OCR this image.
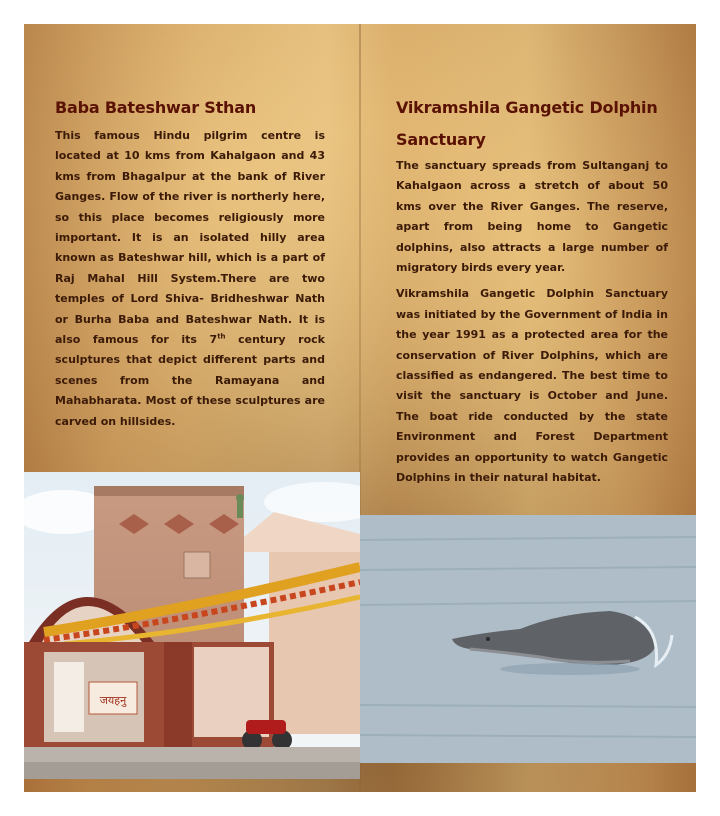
Baba Bateshwar Sthan

This famous Hindu pilgrim centre is located at 10 kms from Kahalgaon and 43 kms from Bhagalpur at the bank of River Ganges. Flow of the river is northerly here, so this place becomes religiously more important. It is an isolated hilly area known as Bateshwar hill, which is a part of Raj Mahal Hill System.There are two temples of Lord Shiva- Bridheshwar Nath or Burha Baba and Bateshwar Nath. It is also famous for its 7th century rock sculptures that depict different parts and scenes from the Ramayana and Mahabharata. Most of these sculptures are carved on hillsides.

Vikramshila Gangetic Dolphin Sanctuary

The sanctuary spreads from Sultanganj to Kahalgaon across a stretch of about 50 kms over the River Ganges. The reserve, apart from being home to Gangetic dolphins, also attracts a large number of migratory birds every year.

Vikramshila Gangetic Dolphin Sanctuary was initiated by the Government of India in the year 1991 as a protected area for the conservation of River Dolphins, which are classified as endangered. The best time to visit the sanctuary is October and June. The boat ride conducted by the state Environment and Forest Department provides an opportunity to watch Gangetic Dolphins in their natural habitat.

जयहनु
